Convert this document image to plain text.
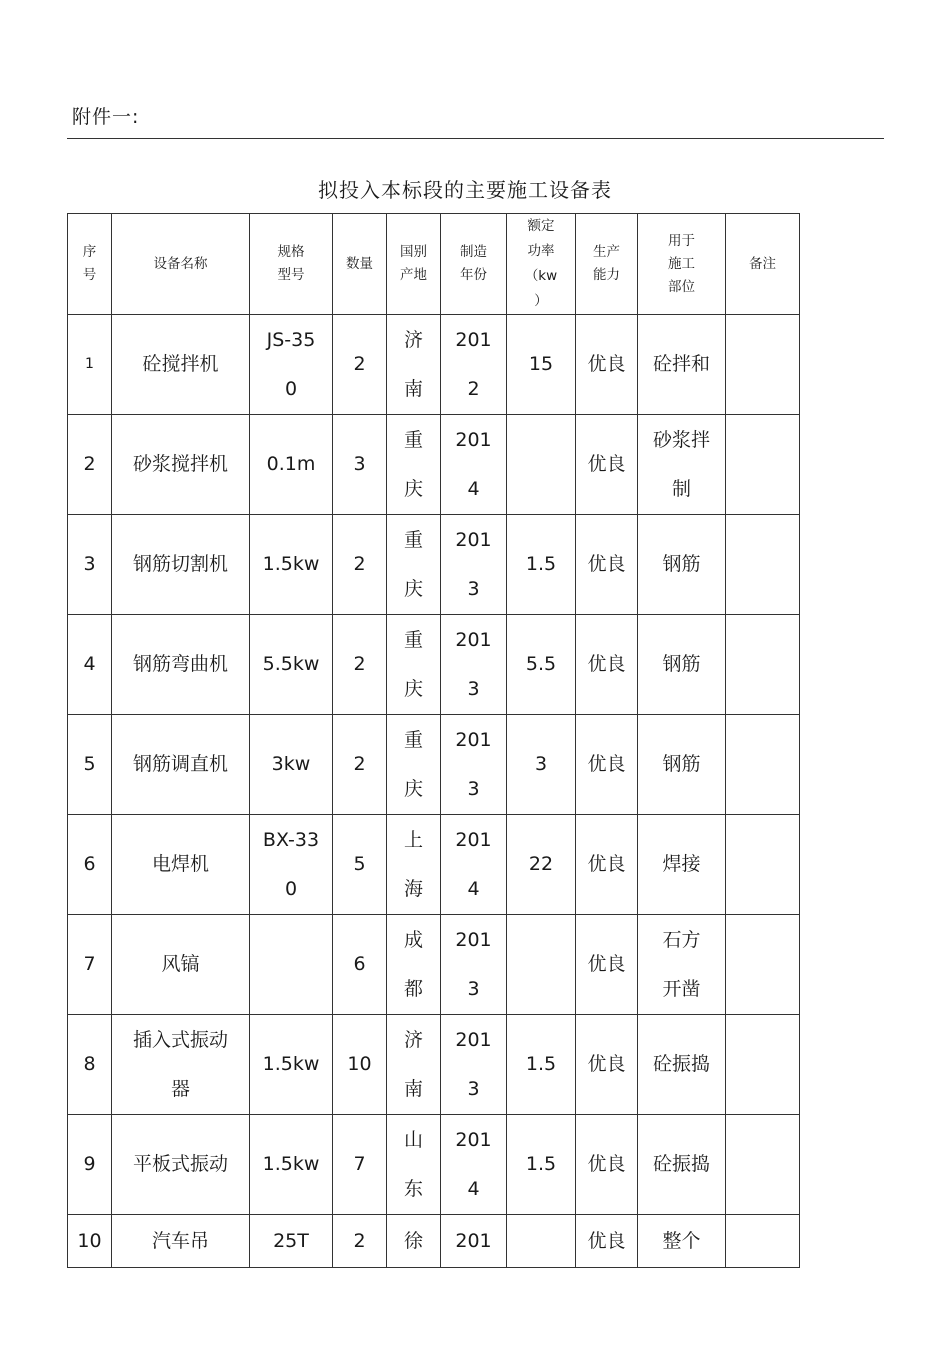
附件一:
拟投入本标段的主要施工设备表
序号	设备名称	规格型号	数量	国别产地	制造年份	额定功率（kw ）	生产能力	用于施工部位	备注

1	砼搅拌机	JS-350	2	济南	2012	15	优良	砼拌和	
2	砂浆搅拌机	0.1m	3	重庆	2014		优良	砂浆拌制	

3	钢筋切割机	1.5kw	2	重庆	2013	1.5	优良	钢筋	
4	钢筋弯曲机	5.5kw	2	重庆	2013	5.5	优良	钢筋	
5	钢筋调直机	3kw	2	重庆	2013	3	优良	钢筋	
6	电焊机	BX-330	5	上海	2014	22	优良	焊接	
7	风镐		6	成都	2013		优良	石方开凿	

8	插入式振动器	1.5kw	10	济南	2013	1.5	优良	砼振捣	
9	平板式振动	1.5kw	7	山东	2014	1.5	优良	砼振捣	
10	汽车吊	25T	2	徐	201		优良	整个	
